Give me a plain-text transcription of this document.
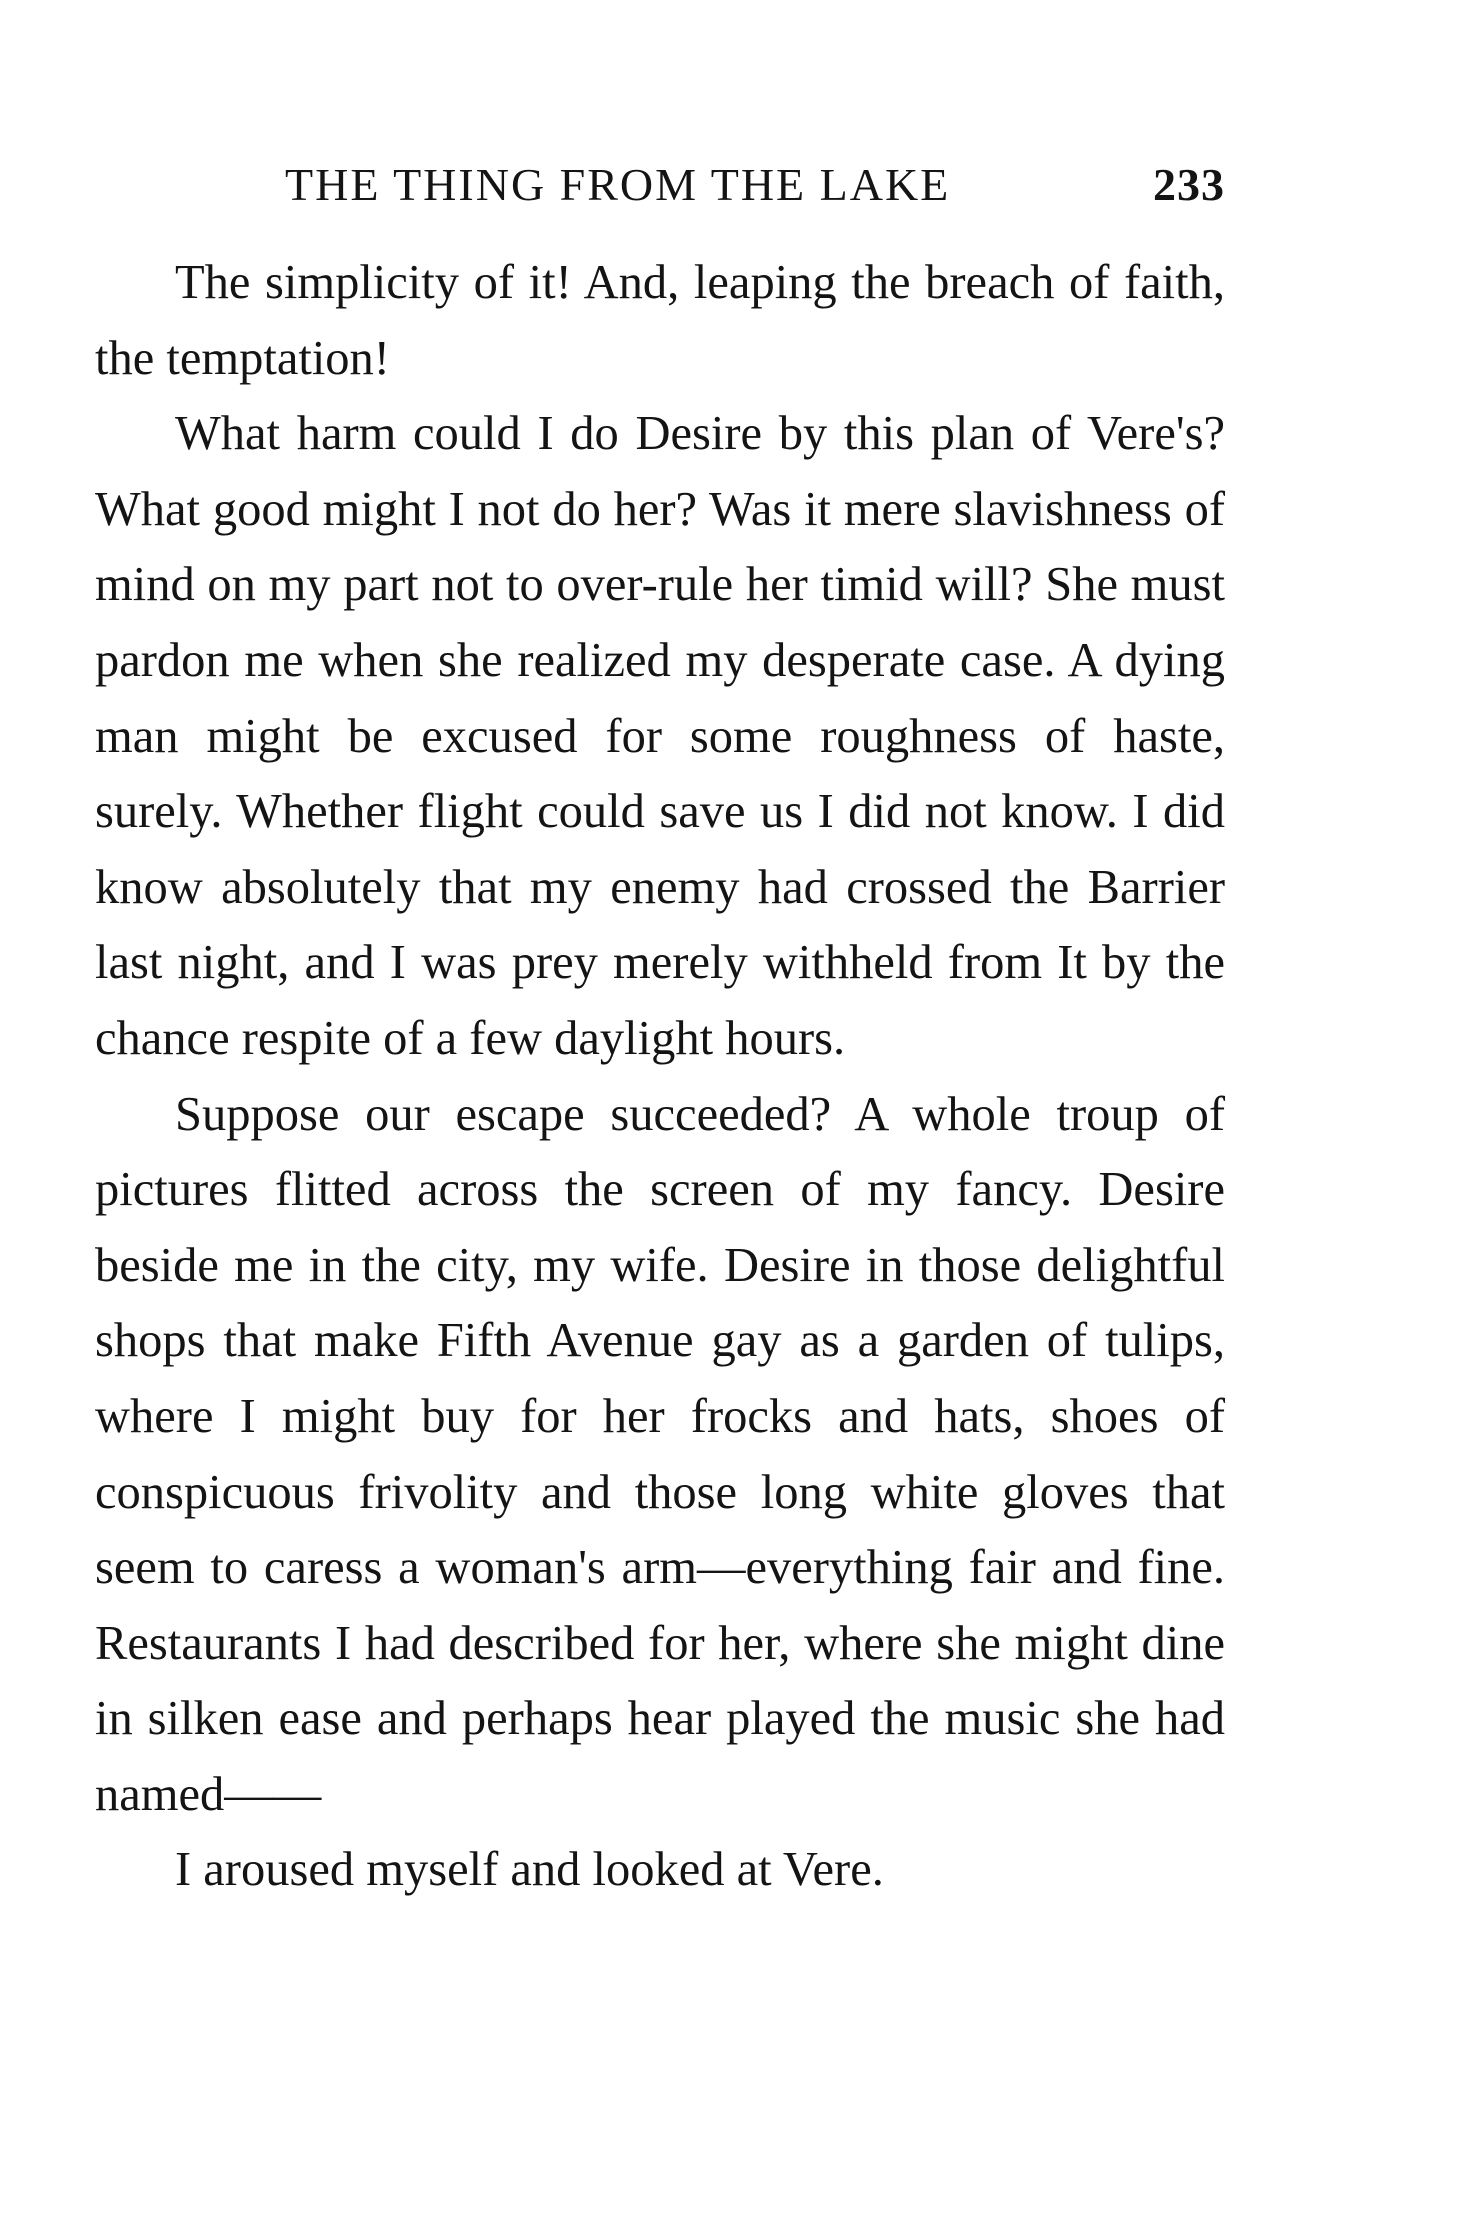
THE THING FROM THE LAKE	233

The simplicity of it! And, leaping the breach of faith, the temptation!

What harm could I do Desire by this plan of Vere's? What good might I not do her? Was it mere slavishness of mind on my part not to over-rule her timid will? She must pardon me when she realized my desperate case. A dying man might be excused for some roughness of haste, surely. Whether flight could save us I did not know. I did know absolutely that my enemy had crossed the Barrier last night, and I was prey merely withheld from It by the chance respite of a few daylight hours.

Suppose our escape succeeded? A whole troup of pictures flitted across the screen of my fancy. Desire beside me in the city, my wife. Desire in those delightful shops that make Fifth Avenue gay as a garden of tulips, where I might buy for her frocks and hats, shoes of conspicuous frivolity and those long white gloves that seem to caress a woman's arm—everything fair and fine. Restaurants I had described for her, where she might dine in silken ease and perhaps hear played the music she had named——

I aroused myself and looked at Vere.
